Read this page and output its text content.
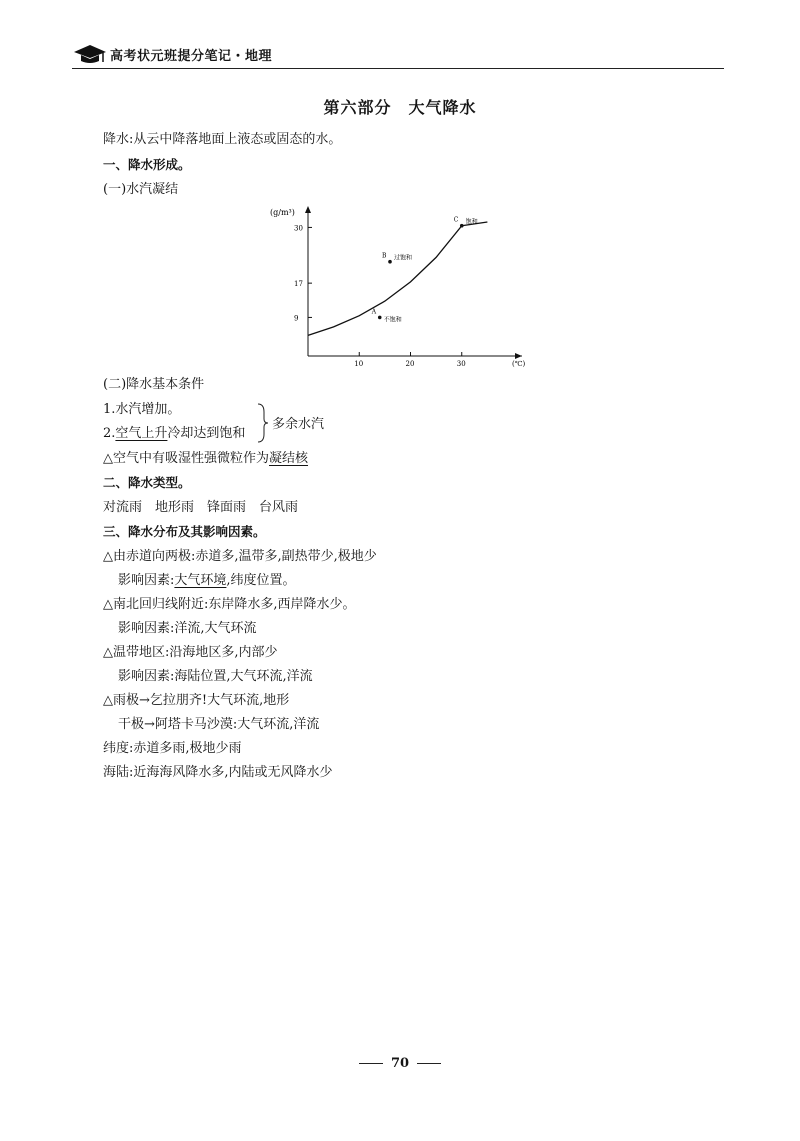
高考状元班提分笔记・地理
第六部分　大气降水
降水:从云中降落地面上液态或固态的水。
一、降水形成。
(一)水汽凝结
10	20	30
9
17
30
B 过饱和
C 饱和
A
不饱和
(g/m³)
(℃)
(二)降水基本条件
1.水汽增加。
2.空气上升冷却达到饱和
多余水汽
△空气中有吸湿性强微粒作为凝结核
二、降水类型。
对流雨　地形雨　锋面雨　台风雨
三、降水分布及其影响因素。
△由赤道向两极:赤道多,温带多,副热带少,极地少
影响因素:大气环境,纬度位置。
△南北回归线附近:东岸降水多,西岸降水少。
影响因素:洋流,大气环流
△温带地区:沿海地区多,内部少
影响因素:海陆位置,大气环流,洋流
△雨极→乞拉朋齐!大气环流,地形
干极→阿塔卡马沙漠:大气环流,洋流
纬度:赤道多雨,极地少雨
海陆:近海海风降水多,内陆或无风降水少
70
